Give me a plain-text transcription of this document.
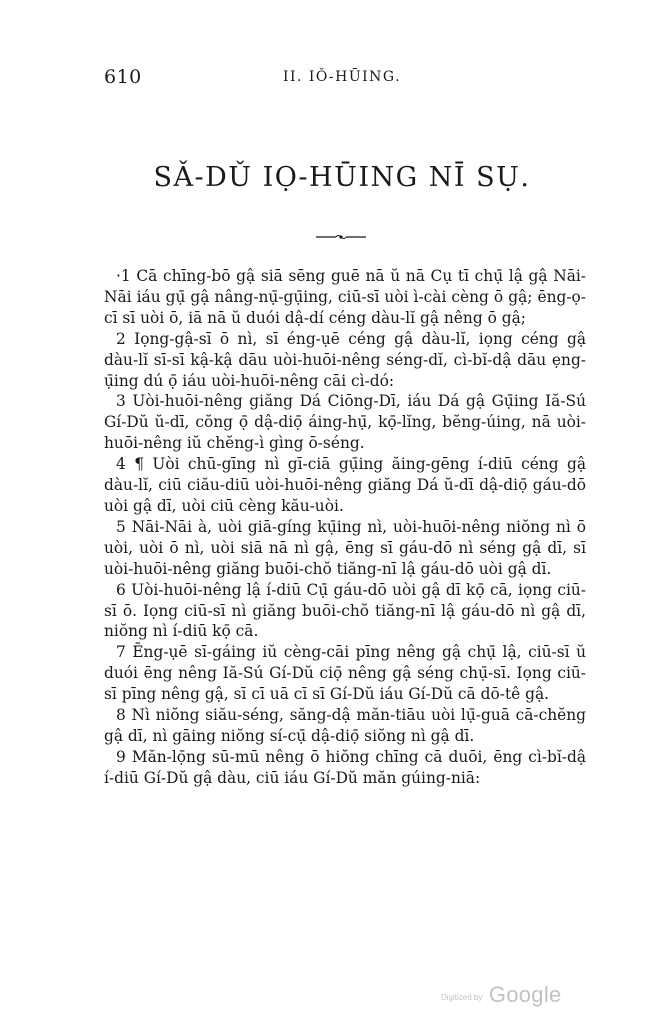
610	II. IǑ-HŪING.
SǍ-DǓ IỌ-HŪING NĪ SỤ.

·1 Cā chīng-bō gậ siā sēng guē nā ŭ nā Cụ tī chụ̄ lậ gậ Nāi-Nāi iáu gụ̄ gậ nâng-nụ̄-gụ̄ing, ciū-sī uòi ì-cài cèng ō gậ; ēng-ọ-cī sī uòi ō, iā nā ŭ duói dậ-dí céng dàu-lĭ gậ nêng ō gậ;

2 Iọng-gậ-sī ō nì, sī éng-ụē céng gậ dàu-lĭ, iọng céng gậ dàu-lĭ sī-sī kậ-kậ dāu uòi-huōi-nêng séng-dĭ, cì-bĭ-dậ dāu ẹng-ụ̄ing dú ọ̄ iáu uòi-huōi-nêng cāi cì-dó:

3 Uòi-huōi-nêng giăng Dá Ciōng-Dī, iáu Dá gậ Gụ̄ing Iă-Sú Gí-Dŭ ŭ-dī, cŏng ọ̄ dậ-diọ̄ áing-hụ̄, kọ̄-lĭng, bĕng-úing, nā uòi-huōi-nêng iŭ chĕng-ì gìng ō-séng.

4 ¶ Uòi chū-gīng nì gī-ciā gụ̄ing ăing-gēng í-diū céng gậ dàu-lĭ, ciū ciău-diū uòi-huōi-nêng giăng Dá ŭ-dī dậ-diọ̄ gáu-dō uòi gậ dī, uòi ciū cèng kău-uòi.

5 Nāi-Nāi à, uòi giā-gíng kụ̄ing nì, uòi-huōi-nêng niŏng nì ō uòi, uòi ō nì, uòi siā nā nì gậ, ēng sī gáu-dō nì séng gậ dī, sī uòi-huōi-nêng giăng buōi-chŏ tiăng-nī lậ gáu-dō uòi gậ dī.

6 Uòi-huōi-nêng lậ í-diū Cụ̄ gáu-dō uòi gậ dī kọ̄ cā, iọng ciū-sī ō. Iọng ciū-sī nì giăng buōi-chŏ tiăng-nī lậ gáu-dō nì gậ dī, niŏng nì í-diū kọ̄ cā.

7 Ēng-ụē sī-gáing iŭ cèng-cāi pīng nêng gậ chụ̄ lậ, ciū-sī ŭ duói ēng nêng Iă-Sú Gí-Dŭ ciọ̄ nêng gậ séng chụ̄-sī. Iọng ciū-sī pīng nêng gậ, sī cī uā cī sī Gí-Dŭ iáu Gí-Dŭ cā dō-tê gậ.

8 Nì niŏng siău-séng, săng-dậ măn-tiāu uòi lụ̄-guā cā-chĕng gậ dī, nì gāing niŏng sí-cụ̄ dậ-diọ̄ siŏng nì gậ dī.

9 Măn-lọ̄ng sū-mū nêng ō hiŏng chīng cā duōi, ēng cì-bĭ-dậ í-diū Gí-Dŭ gậ dàu, ciū iáu Gí-Dŭ măn gúing-niā:

Digitized by Google
